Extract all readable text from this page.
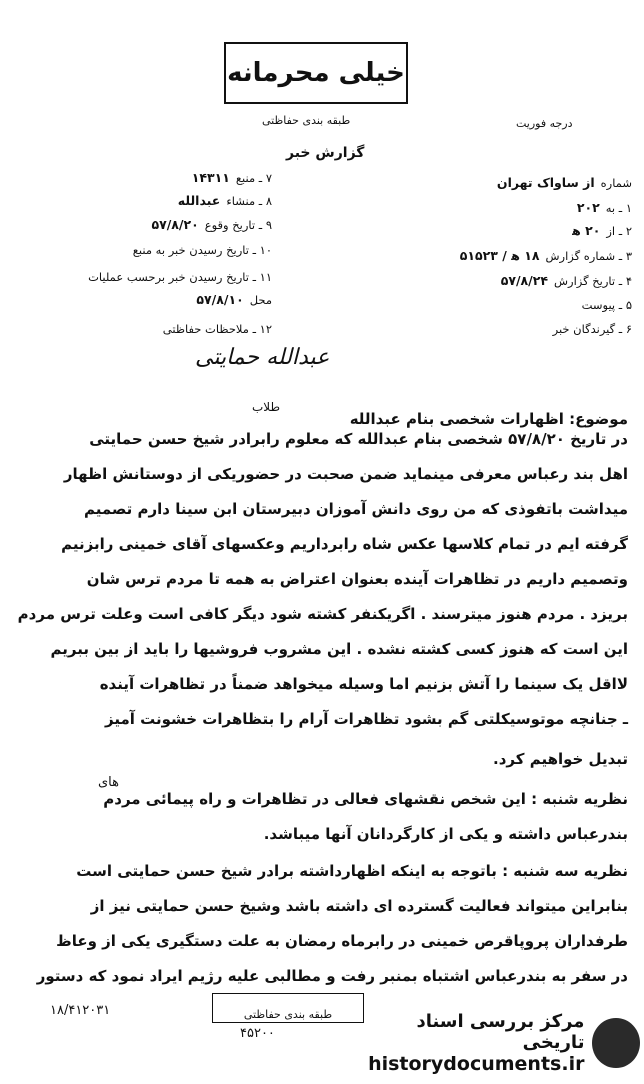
خیلی محرمانه
طبقه بندی حفاظتی	درجه فوریت
گزارش خبر
شماره
از ساواک تهران
۱ ـ به
۲۰۲
۲ ـ از
۲۰ ه‍
۳ ـ شماره گزارش
۱۸ ه‍ / ۵۱۵۲۳
۴ ـ تاریخ گزارش
۵۷/۸/۲۴
۵ ـ پیوست
۶ ـ گیرندگان خبر
۷ ـ منبع
۱۴۳۱۱
۸ ـ منشاء
عبدالله
۹ ـ تاریخ وقوع
۵۷/۸/۲۰
۱۰ ـ تاریخ رسیدن خبر به منبع
۱۱ ـ تاریخ رسیدن خبر برحسب عملیات
محل
۵۷/۸/۱۰
۱۲ ـ ملاحظات حفاظتی
عبدالله حمایتی
طلاب
موضوع: اظهارات شخصی بنام عبدالله
در تاریخ ۵۷/۸/۲۰ شخصی بنام عبدالله که معلوم رابرادر شیخ حسن حمایتی
اهل بند رعباس معرفی مینماید ضمن صحبت در حضوریکی از دوستانش اظهار
میداشت باتفوذی که من روی دانش آموزان دبیرستان ابن سینا دارم تصمیم
گرفته ایم در تمام کلاسها عکس شاه رابرداریم وعکسهای آقای خمینی رابزنیم
وتصمیم داریم در تظاهرات آینده بعنوان اعتراض به همه تا مردم ترس شان
بریزد . مردم هنوز میترسند . اگریکنفر کشته شود دیگر کافی است وعلت ترس مردم
این است که هنوز کسی کشته نشده . این مشروب فروشیها را باید از بین ببریم
لااقل یک سینما را آتش بزنیم اما وسیله میخواهد ضمناً در تظاهرات آینده
ـ جنانچه موتوسیکلتی گم بشود تظاهرات آرام را بتظاهرات خشونت آمیز
تبدیل خواهیم کرد.
های
نظریه شنبه : این شخص نقشهای فعالی در تظاهرات و راه پیمائی مردم
بندرعباس داشته و یکی از کارگردانان آنها میباشد.
نظریه سه شنبه : باتوجه به اینکه اظهارداشته برادر شیخ حسن حمایتی است
بنابراین میتواند فعالیت گسترده ای داشته باشد وشیخ حسن حمایتی نیز از
طرفداران پروپاقرص خمینی در رابرماه رمضان به علت دستگیری یکی از وعاظ
در سفر به بندرعباس اشتباه بمنبر رفت و مطالبی علیه رژیم ایراد نمود که دستور
۱۸/۴۱۲۰۳۱	طبقه بندی حفاظتی
۴۵۲۰۰
مرکز بررسی اسناد تاریخی
historydocuments.ir
